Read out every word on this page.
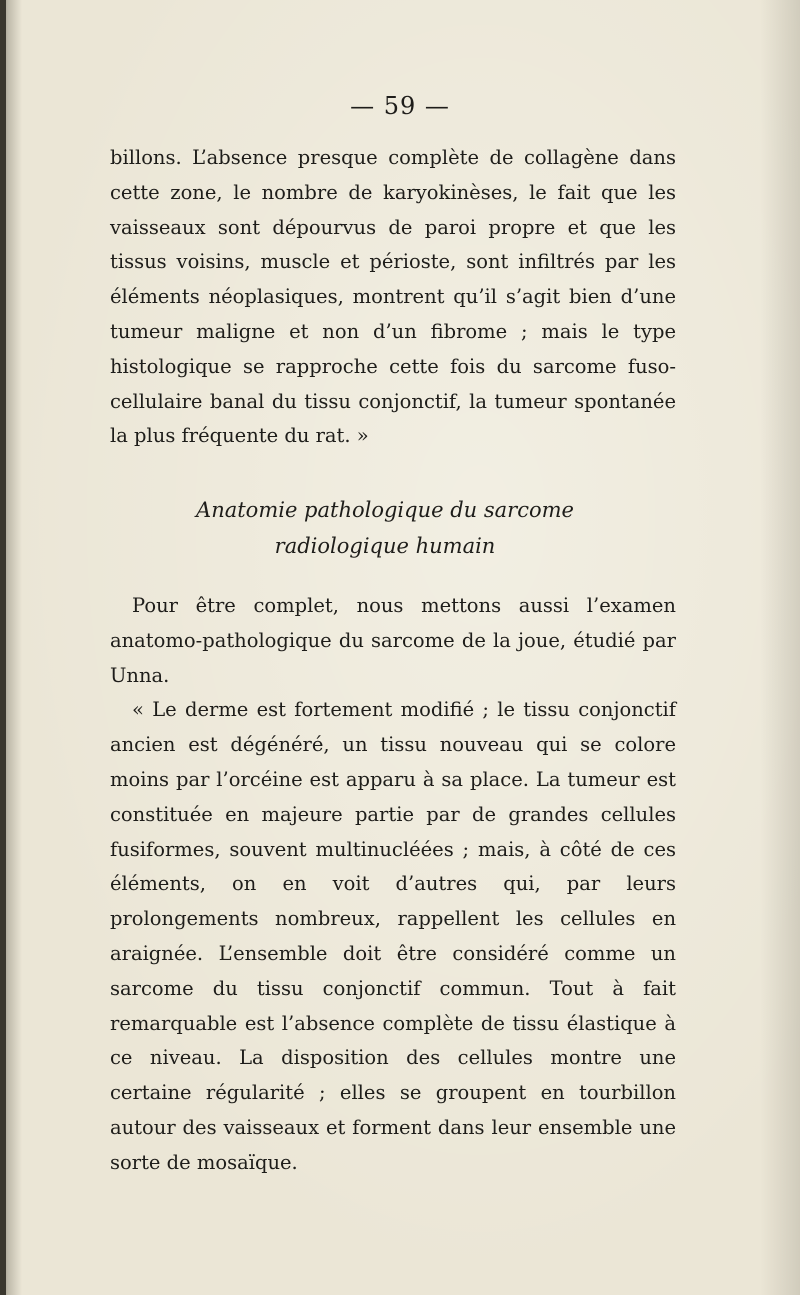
— 59 —

billons. L’absence presque complète de collagène dans cette zone, le nombre de karyokinèses, le fait que les vaisseaux sont dépourvus de paroi propre et que les tissus voisins, muscle et périoste, sont infiltrés par les éléments néoplasiques, montrent qu’il s’agit bien d’une tumeur maligne et non d’un fibrome ; mais le type histologique se rapproche cette fois du sarcome fuso-cellulaire banal du tissu conjonctif, la tumeur spontanée la plus fréquente du rat. »

Anatomie pathologique du sarcome
radiologique humain

Pour être complet, nous mettons aussi l’examen anatomo-pathologique du sarcome de la joue, étudié par Unna.

« Le derme est fortement modifié ; le tissu conjonctif ancien est dégénéré, un tissu nouveau qui se colore moins par l’orcéine est apparu à sa place. La tumeur est constituée en majeure partie par de grandes cellules fusiformes, souvent multinucléées ; mais, à côté de ces éléments, on en voit d’autres qui, par leurs prolongements nombreux, rappellent les cellules en araignée. L’ensemble doit être considéré comme un sarcome du tissu conjonctif commun. Tout à fait remarquable est l’absence complète de tissu élastique à ce niveau. La disposition des cellules montre une certaine régularité ; elles se groupent en tourbillon autour des vaisseaux et forment dans leur ensemble une sorte de mosaïque.
